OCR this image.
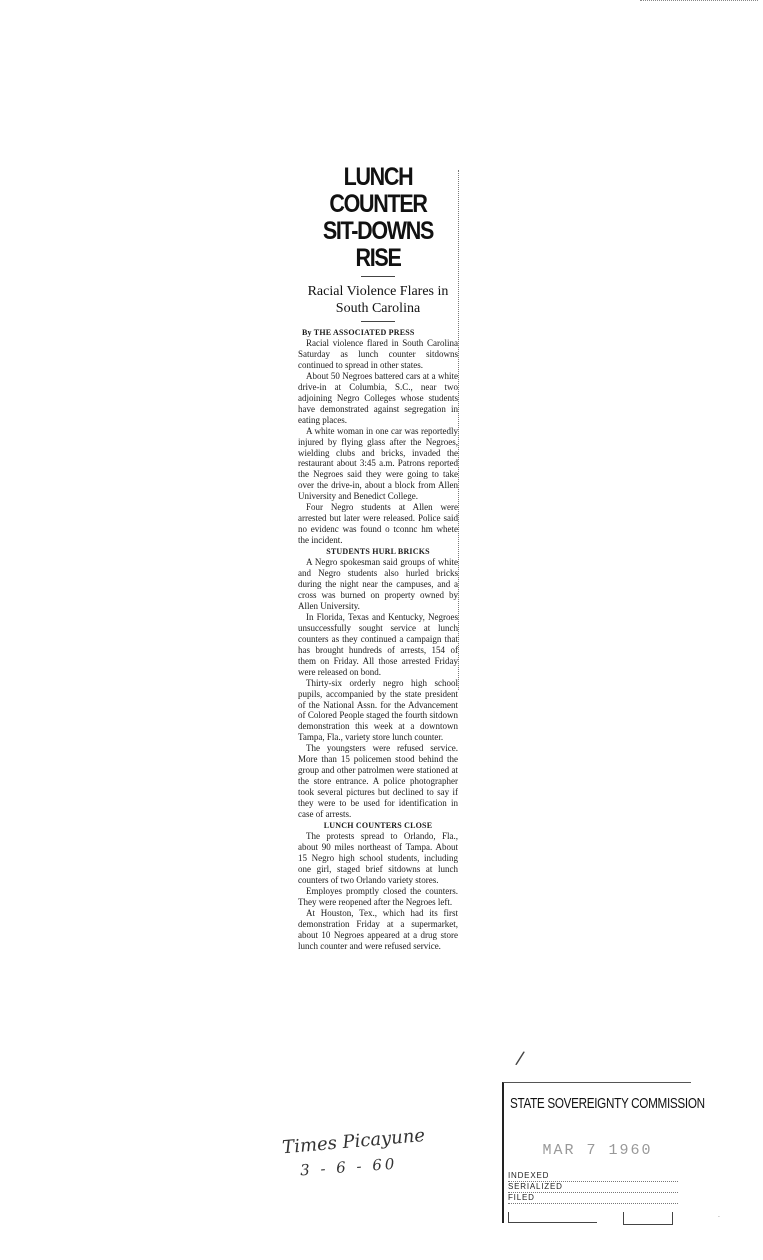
LUNCH COUNTER
SIT-DOWNS RISE
Racial Violence Flares in
South Carolina
By THE ASSOCIATED PRESS

Racial violence flared in South Carolina Saturday as lunch counter sitdowns continued to spread in other states.

About 50 Negroes battered cars at a white drive-in at Columbia, S.C., near two adjoining Negro Colleges whose students have demonstrated against segregation in eating places.

A white woman in one car was reportedly injured by flying glass after the Negroes, wielding clubs and bricks, invaded the restaurant about 3:45 a.m. Patrons reported the Negroes said they were going to take over the drive-in, about a block from Allen University and Benedict College.

Four Negro students at Allen were arrested but later were released. Police said no evidenc was found o tconnc hm whete the incident.

STUDENTS HURL BRICKS

A Negro spokesman said groups of white and Negro students also hurled bricks during the night near the campuses, and a cross was burned on property owned by Allen University.

In Florida, Texas and Kentucky, Negroes unsuccessfully sought service at lunch counters as they continued a campaign that has brought hundreds of arrests, 154 of them on Friday. All those arrested Friday were released on bond.

Thirty-six orderly negro high school pupils, accompanied by the state president of the National Assn. for the Advancement of Colored People staged the fourth sitdown demonstration this week at a downtown Tampa, Fla., variety store lunch counter.

The youngsters were refused service. More than 15 policemen stood behind the group and other patrolmen were stationed at the store entrance. A police photographer took several pictures but declined to say if they were to be used for identification in case of arrests.

LUNCH COUNTERS CLOSE

The protests spread to Orlando, Fla., about 90 miles northeast of Tampa. About 15 Negro high school students, including one girl, staged brief sitdowns at lunch counters of two Orlando variety stores.

Employes promptly closed the counters. They were reopened after the Negroes left.

At Houston, Tex., which had its first demonstration Friday at a supermarket, about 10 Negroes appeared at a drug store lunch counter and were refused service.

Times Picayune
3 - 6 - 60
/
STATE SOVEREIGNTY COMMISSION
MAR 7 1960
INDEXED
SERIALIZED
FILED
·
